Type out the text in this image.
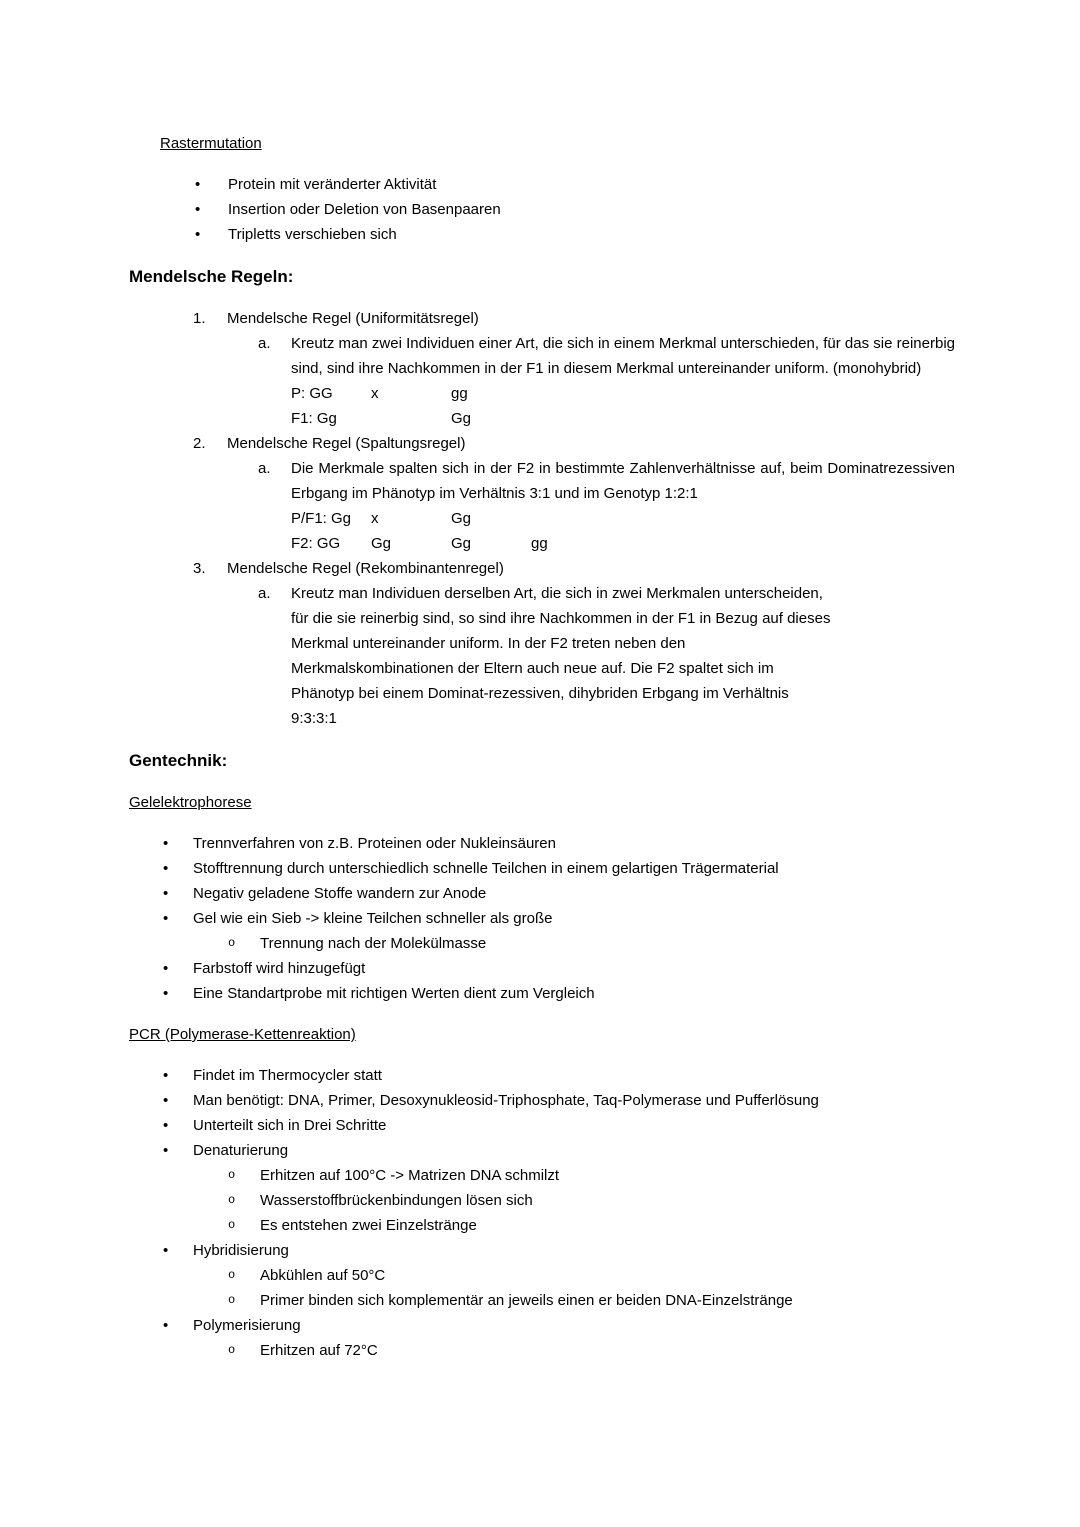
Rastermutation
•	Protein mit veränderter Aktivität
•	Insertion oder Deletion von Basenpaaren
•	Tripletts verschieben sich
Mendelsche Regeln:
1.	Mendelsche Regel (Uniformitätsregel)
a.	Kreutz man zwei Individuen einer Art, die sich in einem Merkmal unterschieden, für das sie reinerbig sind, sind ihre Nachkommen in der F1 in diesem Merkmal untereinander uniform. (monohybrid)
P: GG	x	gg
F1: Gg		Gg
2.	Mendelsche Regel (Spaltungsregel)
a.	Die Merkmale spalten sich in der F2 in bestimmte Zahlenverhältnisse auf, beim Dominatrezessiven Erbgang im Phänotyp im Verhältnis 3:1 und im Genotyp 1:2:1
P/F1: Gg	x	Gg
F2: GG	Gg	Gg	gg
3.	Mendelsche Regel (Rekombinantenregel)
a.	Kreutz man Individuen derselben Art, die sich in zwei Merkmalen unterscheiden,
für die sie reinerbig sind, so sind ihre Nachkommen in der F1 in Bezug auf dieses
Merkmal untereinander uniform. In der F2 treten neben den
Merkmalskombinationen der Eltern auch neue auf. Die F2 spaltet sich im
Phänotyp bei einem Dominat-rezessiven, dihybriden Erbgang im Verhältnis
9:3:3:1
Gentechnik:
Gelelektrophorese
•	Trennverfahren von z.B. Proteinen oder Nukleinsäuren
•	Stofftrennung durch unterschiedlich schnelle Teilchen in einem gelartigen Trägermaterial
•	Negativ geladene Stoffe wandern zur Anode
•	Gel wie ein Sieb -> kleine Teilchen schneller als große
o	Trennung nach der Molekülmasse
•	Farbstoff wird hinzugefügt
•	Eine Standartprobe mit richtigen Werten dient zum Vergleich
PCR (Polymerase-Kettenreaktion)
•	Findet im Thermocycler statt
•	Man benötigt: DNA, Primer, Desoxynukleosid-Triphosphate, Taq-Polymerase und Pufferlösung
•	Unterteilt sich in Drei Schritte
•	Denaturierung
o	Erhitzen auf 100°C -> Matrizen DNA schmilzt
o	Wasserstoffbrückenbindungen lösen sich
o	Es entstehen zwei Einzelstränge
•	Hybridisierung
o	Abkühlen auf 50°C
o	Primer binden sich komplementär an jeweils einen er beiden DNA-Einzelstränge
•	Polymerisierung
o	Erhitzen auf 72°C
